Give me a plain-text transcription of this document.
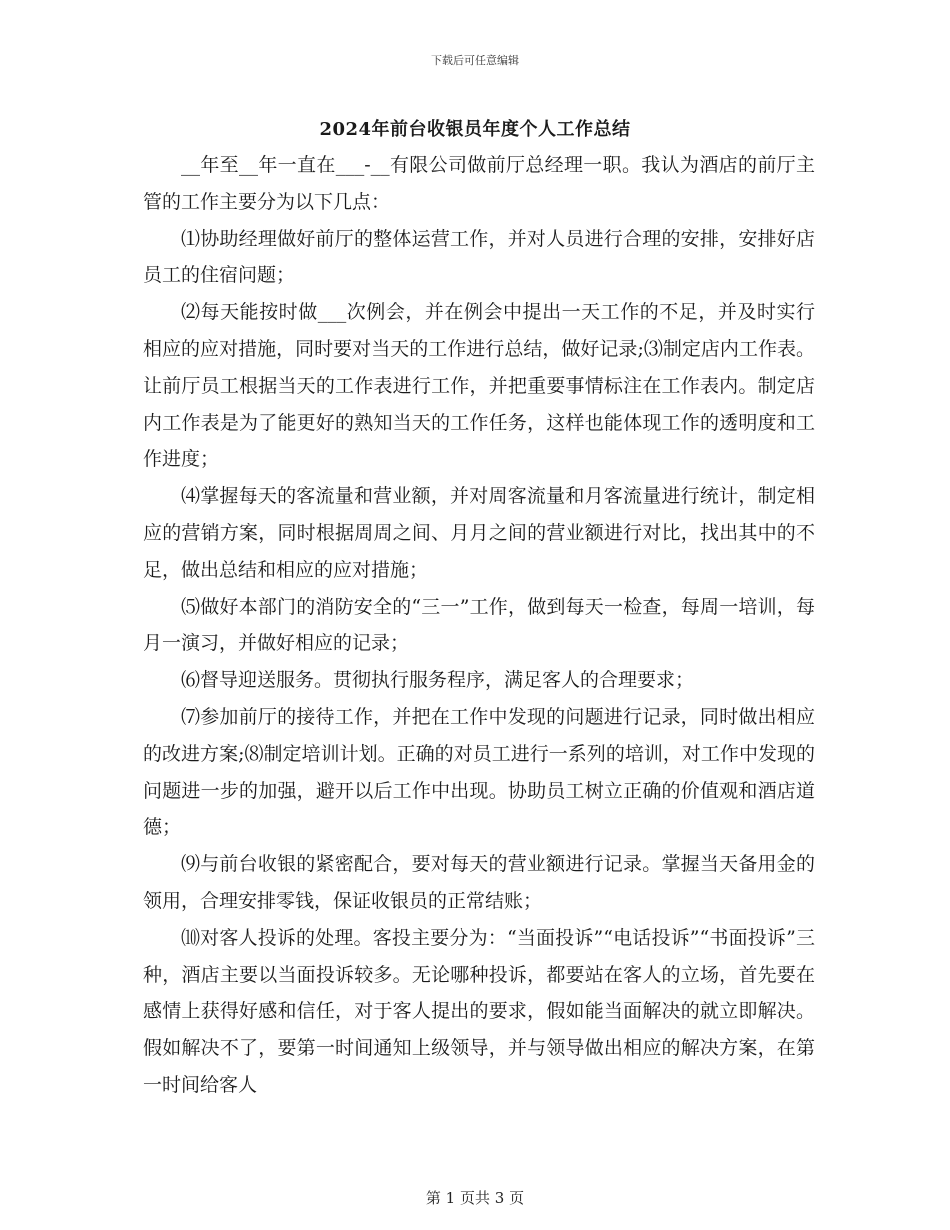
下载后可任意编辑
2024年前台收银员年度个人工作总结

__年至__年一直在___-__有限公司做前厅总经理一职。我认为酒店的前厅主管的工作主要分为以下几点：

⑴协助经理做好前厅的整体运营工作，并对人员进行合理的安排，安排好店员工的住宿问题；

⑵每天能按时做___次例会，并在例会中提出一天工作的不足，并及时实行相应的应对措施，同时要对当天的工作进行总结，做好记录;⑶制定店内工作表。让前厅员工根据当天的工作表进行工作，并把重要事情标注在工作表内。制定店内工作表是为了能更好的熟知当天的工作任务，这样也能体现工作的透明度和工作进度；

⑷掌握每天的客流量和营业额，并对周客流量和月客流量进行统计，制定相应的营销方案，同时根据周周之间、月月之间的营业额进行对比，找出其中的不足，做出总结和相应的应对措施；

⑸做好本部门的消防安全的“三一”工作，做到每天一检查，每周一培训，每月一演习，并做好相应的记录；

⑹督导迎送服务。贯彻执行服务程序，满足客人的合理要求；

⑺参加前厅的接待工作，并把在工作中发现的问题进行记录，同时做出相应的改进方案;⑻制定培训计划。正确的对员工进行一系列的培训，对工作中发现的问题进一步的加强，避开以后工作中出现。协助员工树立正确的价值观和酒店道德；

⑼与前台收银的紧密配合，要对每天的营业额进行记录。掌握当天备用金的领用，合理安排零钱，保证收银员的正常结账；

⑽对客人投诉的处理。客投主要分为：“当面投诉”“电话投诉”“书面投诉”三种，酒店主要以当面投诉较多。无论哪种投诉，都要站在客人的立场，首先要在感情上获得好感和信任，对于客人提出的要求，假如能当面解决的就立即解决。假如解决不了，要第一时间通知上级领导，并与领导做出相应的解决方案，在第一时间给客人

第 1 页共 3 页
